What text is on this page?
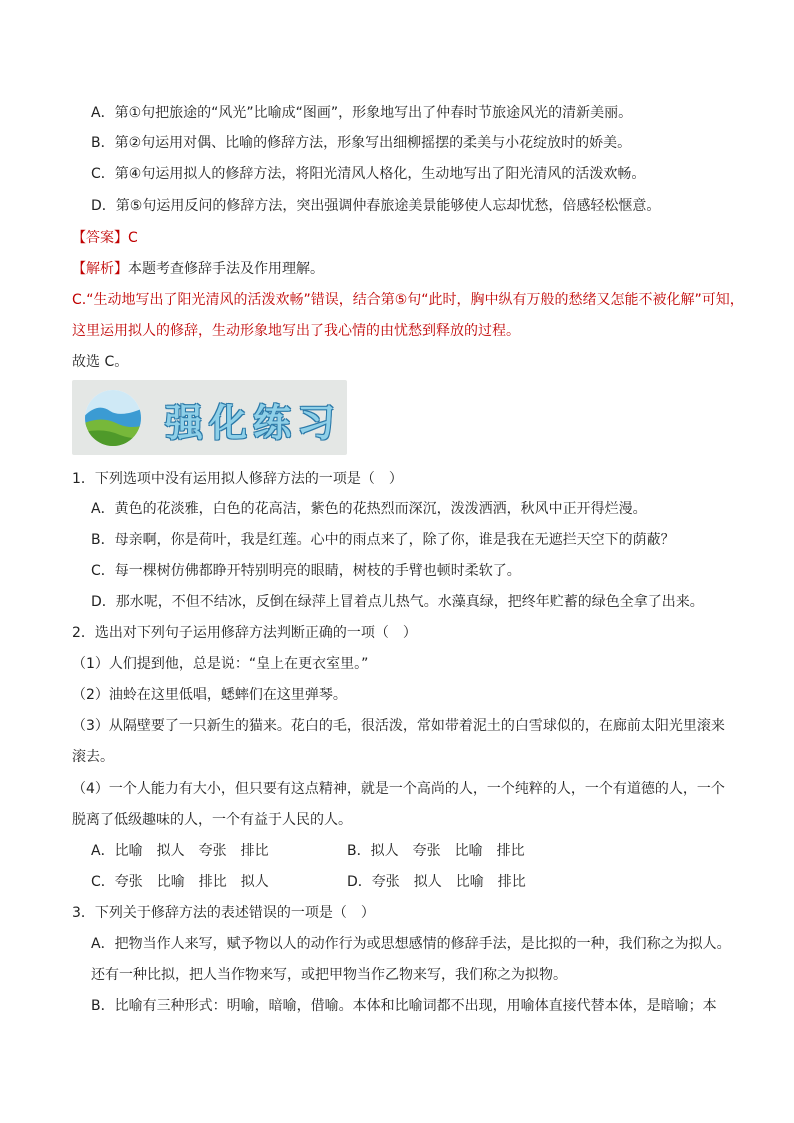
A．第①句把旅途的“风光”比喻成“图画”，形象地写出了仲春时节旅途风光的清新美丽。
B．第②句运用对偶、比喻的修辞方法，形象写出细柳摇摆的柔美与小花绽放时的娇美。
C．第④句运用拟人的修辞方法，将阳光清风人格化，生动地写出了阳光清风的活泼欢畅。
D．第⑤句运用反问的修辞方法，突出强调仲春旅途美景能够使人忘却忧愁，倍感轻松惬意。
【答案】C
【解析】本题考查修辞手法及作用理解。
C.“生动地写出了阳光清风的活泼欢畅”错误，结合第⑤句“此时，胸中纵有万般的愁绪又怎能不被化解”可知，
这里运用拟人的修辞，生动形象地写出了我心情的由忧愁到释放的过程。
故选 C。
强化练习
1．下列选项中没有运用拟人修辞方法的一项是（　）
A．黄色的花淡雅，白色的花高洁，紫色的花热烈而深沉，泼泼洒洒，秋风中正开得烂漫。
B．母亲啊，你是荷叶，我是红莲。心中的雨点来了，除了你，谁是我在无遮拦天空下的荫蔽？
C．每一棵树仿佛都睁开特别明亮的眼睛，树枝的手臂也顿时柔软了。
D．那水呢，不但不结冰，反倒在绿萍上冒着点儿热气。水藻真绿，把终年贮蓄的绿色全拿了出来。
2．选出对下列句子运用修辞方法判断正确的一项（　）
（1）人们提到他，总是说：“皇上在更衣室里。”
（2）油蛉在这里低唱，蟋蟀们在这里弹琴。
（3）从隔壁要了一只新生的猫来。花白的毛，很活泼，常如带着泥土的白雪球似的，在廊前太阳光里滚来
滚去。
（4）一个人能力有大小，但只要有这点精神，就是一个高尚的人，一个纯粹的人，一个有道德的人，一个
脱离了低级趣味的人，一个有益于人民的人。
A．比喻　拟人　夸张　排比	B．拟人　夸张　比喻　排比
C．夸张　比喻　排比　拟人	D．夸张　拟人　比喻　排比
3．下列关于修辞方法的表述错误的一项是（　）
A．把物当作人来写，赋予物以人的动作行为或思想感情的修辞手法，是比拟的一种，我们称之为拟人。
还有一种比拟，把人当作物来写，或把甲物当作乙物来写，我们称之为拟物。
B．比喻有三种形式：明喻，暗喻，借喻。本体和比喻词都不出现，用喻体直接代替本体，是暗喻；本
